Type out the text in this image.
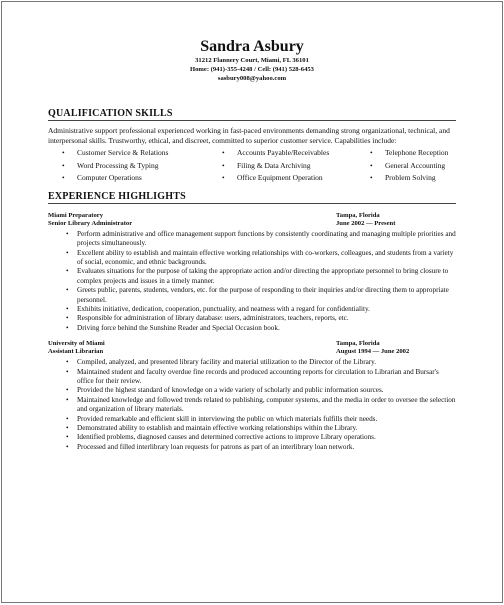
Sandra Asbury
31212 Flannery Court, Miami, FL 36101
Home: (941)-355-4248 / Cell: (941) 528-6453
sasbury008@yahoo.com
QUALIFICATION SKILLS
Administrative support professional experienced working in fast-paced environments demanding strong organizational, technical, and interpersonal skills. Trustworthy, ethical, and discreet, committed to superior customer service. Capabilities include:
• Customer Service & Relations	• Accounts Payable/Receivables	• Telephone Reception
• Word Processing & Typing	• Filing & Data Archiving	• General Accounting
• Computer Operations	• Office Equipment Operation	• Problem Solving
EXPERIENCE HIGHLIGHTS
Miami Preparatory	Tampa, Florida
Senior Library Administrator	June 2002 — Present
• Perform administrative and office management support functions by consistently coordinating and managing multiple priorities and projects simultaneously.
• Excellent ability to establish and maintain effective working relationships with co-workers, colleagues, and students from a variety of social, economic, and ethnic backgrounds.
• Evaluates situations for the purpose of taking the appropriate action and/or directing the appropriate personnel to bring closure to complex projects and issues in a timely manner.
• Greets public, parents, students, vendors, etc. for the purpose of responding to their inquiries and/or directing them to appropriate personnel.
• Exhibits initiative, dedication, cooperation, punctuality, and neatness with a regard for confidentiality.
• Responsible for administration of library database: users, administrators, teachers, reports, etc.
• Driving force behind the Sunshine Reader and Special Occasion book.
University of Miami	Tampa, Florida
Assistant Librarian	August 1994 — June 2002
• Compiled, analyzed, and presented library facility and material utilization to the Director of the Library.
• Maintained student and faculty overdue fine records and produced accounting reports for circulation to Librarian and Bursar's office for their review.
• Provided the highest standard of knowledge on a wide variety of scholarly and public information sources.
• Maintained knowledge and followed trends related to publishing, computer systems, and the media in order to oversee the selection and organization of library materials.
• Provided remarkable and efficient skill in interviewing the public on which materials fulfills their needs.
• Demonstrated ability to establish and maintain effective working relationships within the Library.
• Identified problems, diagnosed causes and determined corrective actions to improve Library operations.
• Processed and filled interlibrary loan requests for patrons as part of an interlibrary loan network.
